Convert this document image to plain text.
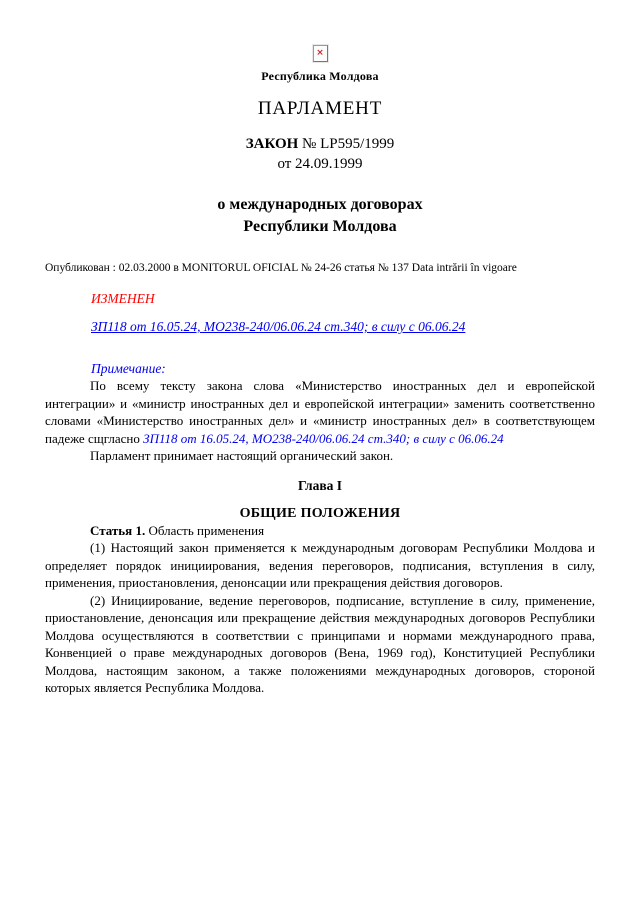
×
Республика Молдова
ПАРЛАМЕНТ
ЗАКОН № LP595/1999
от 24.09.1999
о международных договорах
Республики Молдова
Опубликован : 02.03.2000 в MONITORUL OFICIAL № 24-26 статья № 137 Data intrării în vigoare
ИЗМЕНЕН
ЗП118 от 16.05.24, МО238-240/06.06.24 ст.340; в силу с 06.06.24
Примечание:

По всему тексту закона слова «Министерство иностранных дел и европейской интеграции» и «министр иностранных дел и европейской интеграции» заменить соответственно словами «Министерство иностранных дел» и «министр иностранных дел» в соответствующем падеже сщгласно ЗП118 от 16.05.24, МО238-240/06.06.24 ст.340; в силу с 06.06.24

Парламент принимает настоящий органический закон.

Глава I
ОБЩИЕ ПОЛОЖЕНИЯ

Статья 1. Область применения

(1) Настоящий закон применяется к международным договорам Республики Молдова и определяет порядок инициирования, ведения переговоров, подписания, вступления в силу, применения, приостановления, денонсации или прекращения действия договоров.

(2) Инициирование, ведение переговоров, подписание, вступление в силу, применение, приостановление, денонсация или прекращение действия международных договоров Республики Молдова осуществляются в соответствии с принципами и нормами международного права, Конвенцией о праве международных договоров (Вена, 1969 год), Конституцией Республики Молдова, настоящим законом, а также положениями международных договоров, стороной которых является Республика Молдова.
